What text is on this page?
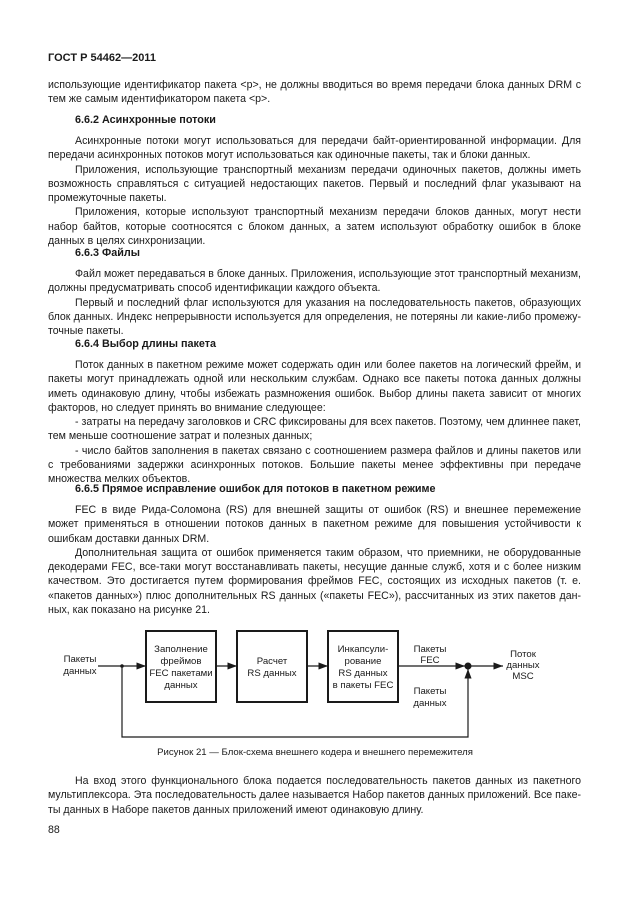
ГОСТ Р 54462—2011

использующие идентификатор пакета <p>, не должны вводиться во время передачи блока данных DRM с тем же самым идентификатором пакета <p>.

6.6.2 Асинхронные потоки

Асинхронные потоки могут использоваться для передачи байт-ориентированной информации. Для передачи асинхронных потоков могут использоваться как одиночные пакеты, так и блоки данных.

Приложения, использующие транспортный механизм передачи одиночных пакетов, должны иметь возможность справляться с ситуацией недостающих пакетов. Первый и последний флаг указывают на промежуточные пакеты.

Приложения, которые используют транспортный механизм передачи блоков данных, могут нести набор байтов, которые соотносятся с блоком данных, а затем используют обработку ошибок в блоке данных в целях синхронизации.

6.6.3 Файлы

Файл может передаваться в блоке данных. Приложения, использующие этот транспортный механизм, должны предусматривать способ идентификации каждого объекта.

Первый и последний флаг используются для указания на последовательность пакетов, образующих блок данных. Индекс непрерывности используется для определения, не потеряны ли какие-либо промежуточные пакеты.

6.6.4 Выбор длины пакета

Поток данных в пакетном режиме может содержать один или более пакетов на логический фрейм, и пакеты могут принадлежать одной или нескольким службам. Однако все пакеты потока данных должны иметь одинаковую длину, чтобы избежать размножения ошибок. Выбор длины пакета зависит от многих факторов, но следует принять во внимание следующее:

- затраты на передачу заголовков и CRC фиксированы для всех пакетов. Поэтому, чем длиннее пакет, тем меньше соотношение затрат и полезных данных;

- число байтов заполнения в пакетах связано с соотношением размера файлов и длины пакетов или с требованиями задержки асинхронных потоков. Большие пакеты менее эффективны при передаче множества мелких объектов.

6.6.5 Прямое исправление ошибок для потоков в пакетном режиме

FEC в виде Рида-Соломона (RS) для внешней защиты от ошибок (RS) и внешнее перемежение может применяться в отношении потоков данных в пакетном режиме для повышения устойчивости к ошибкам доставки данных DRM.

Дополнительная защита от ошибок применяется таким образом, что приемники, не оборудованные декодерами FEC, все-таки могут восстанавливать пакеты, несущие данные служб, хотя и с более низким качеством. Это достигается путем формирования фреймов FEC, состоящих из исходных пакетов (т. е. «пакетов данных») плюс дополнительных RS данных («пакеты FEC»), рассчитанных из этих пакетов данных, как показано на рисунке 21.

Пакеты
данных
Заполнение
фреймов
FEC пакетами
данных
Расчет
RS данных
Инкапсули-
рование
RS данных
в пакеты FEC
Пакеты
FEC
Пакеты
данных
Поток
данных
MSC
Рисунок 21 — Блок-схема внешнего кодера и внешнего перемежителя

На вход этого функционального блока подается последовательность пакетов данных из пакетного мультиплексора. Эта последовательность далее называется Набор пакетов данных приложений. Все пакеты данных в Наборе пакетов данных приложений имеют одинаковую длину.

88
